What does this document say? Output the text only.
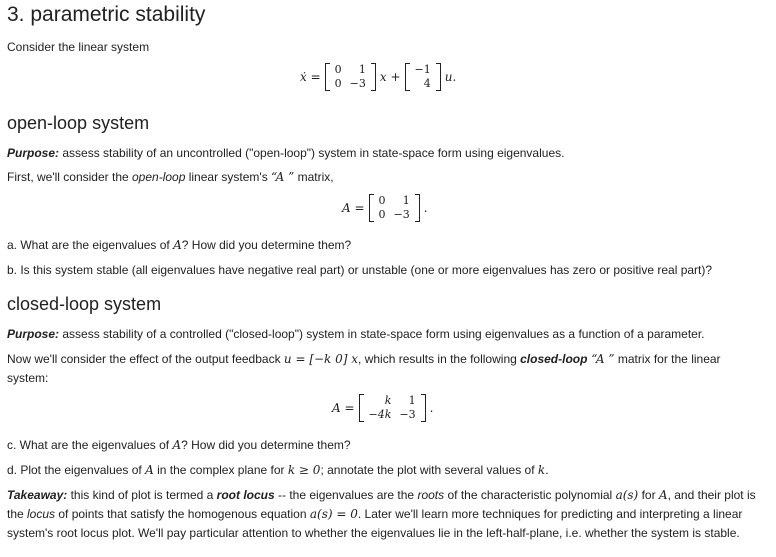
3. parametric stability
Consider the linear system
ẋ =
0	1
0	−3 x +
−1
4 u.
open-loop system
Purpose: assess stability of an uncontrolled ("open-loop") system in state-space form using eigenvalues.
First, we'll consider the open-loop linear system's “A ” matrix,
A =
0	1
0	−3 .
a. What are the eigenvalues of A? How did you determine them?
b. Is this system stable (all eigenvalues have negative real part) or unstable (one or more eigenvalues has zero or positive real part)?
closed-loop system
Purpose: assess stability of a controlled ("closed-loop") system in state-space form using eigenvalues as a function of a parameter.
Now we'll consider the effect of the output feedback u = [−k 0] x, which results in the following closed-loop “A ” matrix for the linear
system:
A =
k	1
−4k	−3 .
c. What are the eigenvalues of A? How did you determine them?
d. Plot the eigenvalues of A in the complex plane for k ≥ 0; annotate the plot with several values of k.
Takeaway: this kind of plot is termed a root locus -- the eigenvalues are the roots of the characteristic polynomial a(s) for A, and their plot is
the locus of points that satisfy the homogenous equation a(s) = 0. Later we'll learn more techniques for predicting and interpreting a linear
system's root locus plot. We'll pay particular attention to whether the eigenvalues lie in the left-half-plane, i.e. whether the system is stable.
